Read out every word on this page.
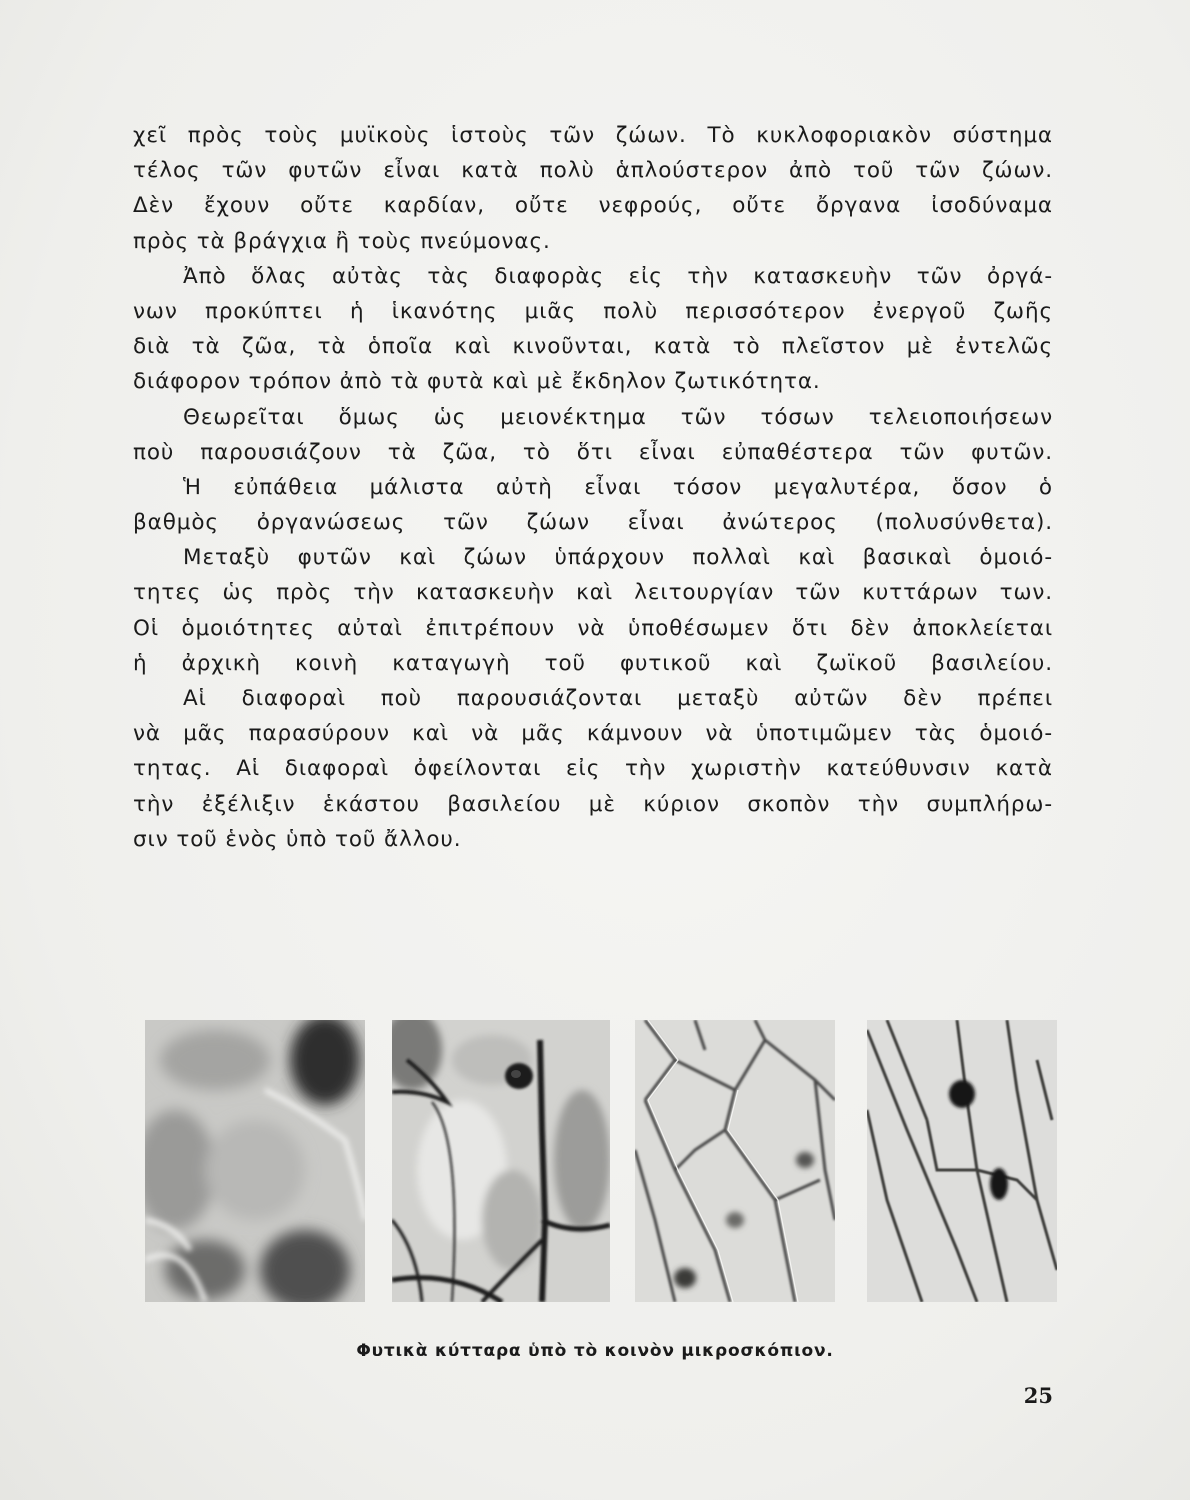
χεῖ πρὸς τοὺς μυϊκοὺς ἱστοὺς τῶν ζώων. Τὸ κυκλοφοριακὸν σύστημα
τέλος τῶν φυτῶν εἶναι κατὰ πολὺ ἁπλούστερον ἀπὸ τοῦ τῶν ζώων.
Δὲν ἔχουν οὔτε καρδίαν, οὔτε νεφρούς, οὔτε ὄργανα ἰσοδύναμα
πρὸς τὰ βράγχια ἢ τοὺς πνεύμονας.
Ἀπὸ ὅλας αὐτὰς τὰς διαφορὰς εἰς τὴν κατασκευὴν τῶν ὀργά-
νων προκύπτει ἡ ἱκανότης μιᾶς πολὺ περισσότερον ἐνεργοῦ ζωῆς
διὰ τὰ ζῶα, τὰ ὁποῖα καὶ κινοῦνται, κατὰ τὸ πλεῖστον μὲ ἐντελῶς
διάφορον τρόπον ἀπὸ τὰ φυτὰ καὶ μὲ ἔκδηλον ζωτικότητα.
Θεωρεῖται ὅμως ὡς μειονέκτημα τῶν τόσων τελειοποιήσεων
ποὺ παρουσιάζουν τὰ ζῶα, τὸ ὅτι εἶναι εὐπαθέστερα τῶν φυτῶν.
Ἡ εὐπάθεια μάλιστα αὐτὴ εἶναι τόσον μεγαλυτέρα, ὅσον ὁ
βαθμὸς ὀργανώσεως τῶν ζώων εἶναι ἀνώτερος (πολυσύνθετα).
Μεταξὺ φυτῶν καὶ ζώων ὑπάρχουν πολλαὶ καὶ βασικαὶ ὁμοιό-
τητες ὡς πρὸς τὴν κατασκευὴν καὶ λειτουργίαν τῶν κυττάρων των.
Οἱ ὁμοιότητες αὐταὶ ἐπιτρέπουν νὰ ὑποθέσωμεν ὅτι δὲν ἀποκλείεται
ἡ ἀρχικὴ κοινὴ καταγωγὴ τοῦ φυτικοῦ καὶ ζωϊκοῦ βασιλείου.
Αἱ διαφοραὶ ποὺ παρουσιάζονται μεταξὺ αὐτῶν δὲν πρέπει
νὰ μᾶς παρασύρουν καὶ νὰ μᾶς κάμνουν νὰ ὑποτιμῶμεν τὰς ὁμοιό-
τητας. Αἱ διαφοραὶ ὀφείλονται εἰς τὴν χωριστὴν κατεύθυνσιν κατὰ
τὴν ἐξέλιξιν ἑκάστου βασιλείου μὲ κύριον σκοπὸν τὴν συμπλήρω-
σιν τοῦ ἑνὸς ὑπὸ τοῦ ἄλλου.
Φυτικὰ κύτταρα ὑπὸ τὸ κοινὸν μικροσκόπιον.
25
